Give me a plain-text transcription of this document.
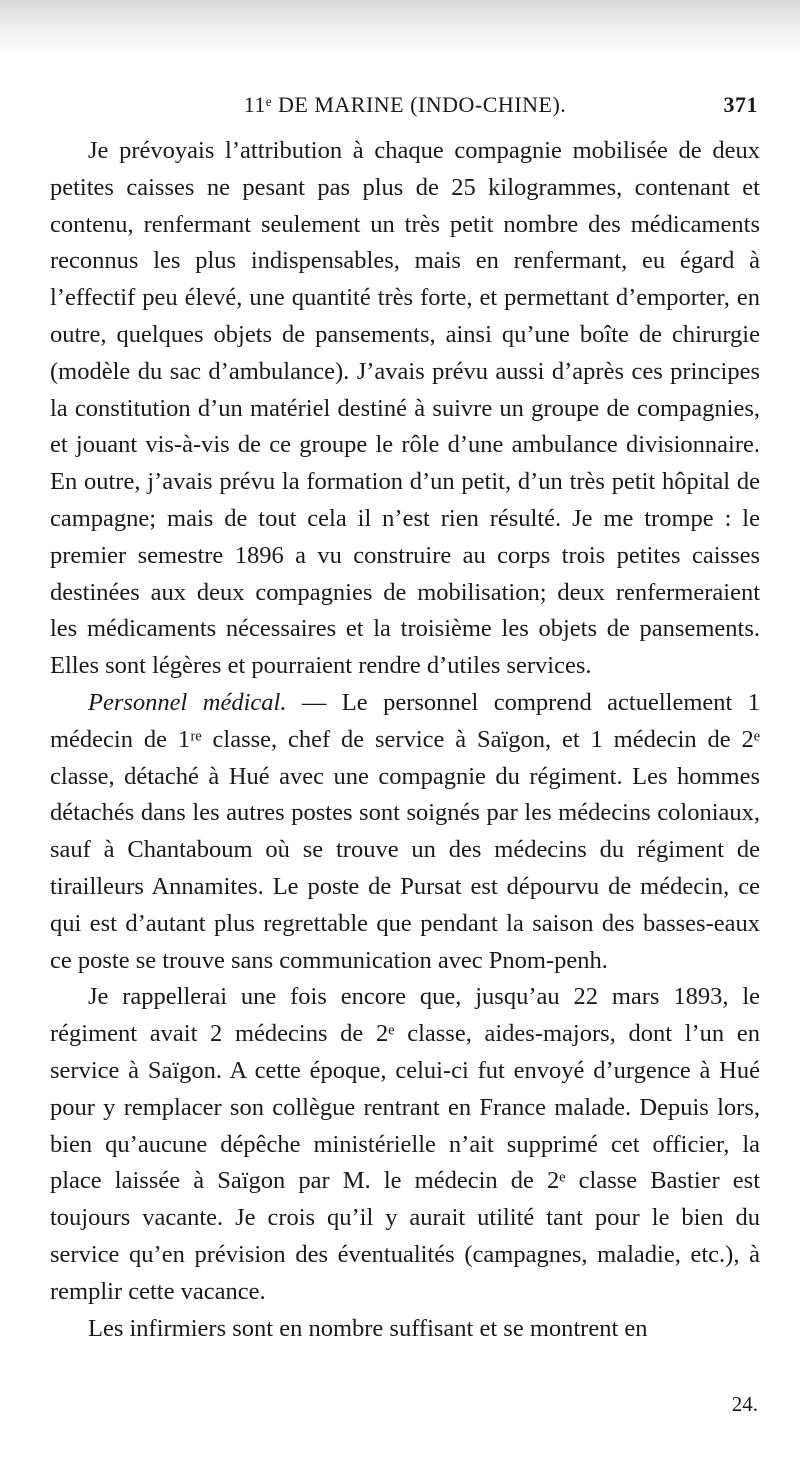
11ᵉ DE MARINE (INDO-CHINE).	371

Je prévoyais l’attribution à chaque compagnie mobilisée de deux petites caisses ne pesant pas plus de 25 kilogrammes, contenant et contenu, renfermant seulement un très petit nombre des médicaments reconnus les plus indispensables, mais en renfermant, eu égard à l’effectif peu élevé, une quantité très forte, et permettant d’emporter, en outre, quelques objets de pansements, ainsi qu’une boîte de chirurgie (modèle du sac d’ambulance). J’avais prévu aussi d’après ces principes la constitution d’un matériel destiné à suivre un groupe de compagnies, et jouant vis-à-vis de ce groupe le rôle d’une ambulance divisionnaire. En outre, j’avais prévu la formation d’un petit, d’un très petit hôpital de campagne; mais de tout cela il n’est rien résulté. Je me trompe : le premier semestre 1896 a vu construire au corps trois petites caisses destinées aux deux compagnies de mobilisation; deux renfermeraient les médicaments nécessaires et la troisième les objets de pansements. Elles sont légères et pourraient rendre d’utiles services.

Personnel médical. — Le personnel comprend actuellement 1 médecin de 1ʳᵉ classe, chef de service à Saïgon, et 1 médecin de 2ᵉ classe, détaché à Hué avec une compagnie du régiment. Les hommes détachés dans les autres postes sont soignés par les médecins coloniaux, sauf à Chantaboum où se trouve un des médecins du régiment de tirailleurs Annamites. Le poste de Pursat est dépourvu de médecin, ce qui est d’autant plus regrettable que pendant la saison des basses-eaux ce poste se trouve sans communication avec Pnom-penh.

Je rappellerai une fois encore que, jusqu’au 22 mars 1893, le régiment avait 2 médecins de 2ᵉ classe, aides-majors, dont l’un en service à Saïgon. A cette époque, celui-ci fut envoyé d’urgence à Hué pour y remplacer son collègue rentrant en France malade. Depuis lors, bien qu’aucune dépêche ministérielle n’ait supprimé cet officier, la place laissée à Saïgon par M. le médecin de 2ᵉ classe Bastier est toujours vacante. Je crois qu’il y aurait utilité tant pour le bien du service qu’en prévision des éventualités (campagnes, maladie, etc.), à remplir cette vacance.

Les infirmiers sont en nombre suffisant et se montrent en

24.
